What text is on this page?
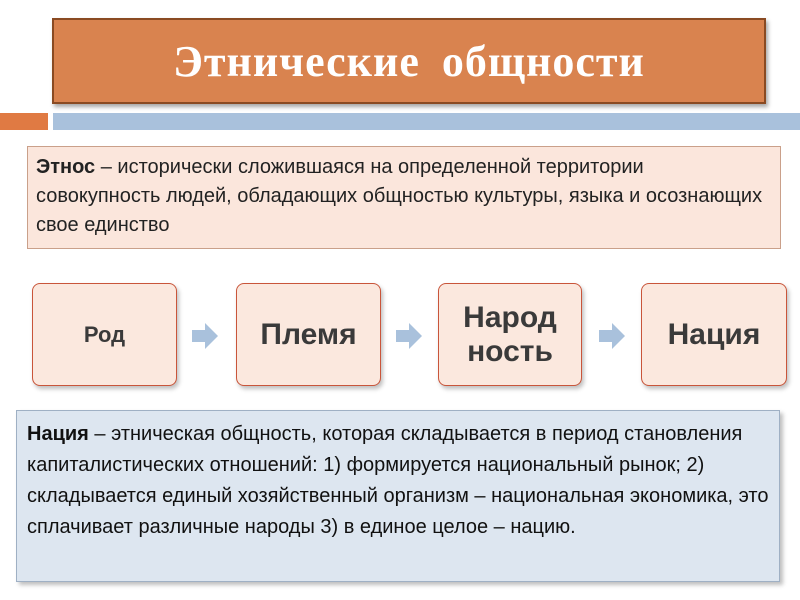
Этнические общности
Этнос – исторически сложившаяся на определенной территории совокупность людей, обладающих общностью культуры, языка и осознающих свое единство
Род	Племя
Народ ность
Нация
Нация – этническая общность, которая складывается в период становления капиталистических отношений: 1) формируется национальный рынок; 2) складывается единый хозяйственный организм – национальная экономика, это сплачивает различные народы 3) в единое целое – нацию.
